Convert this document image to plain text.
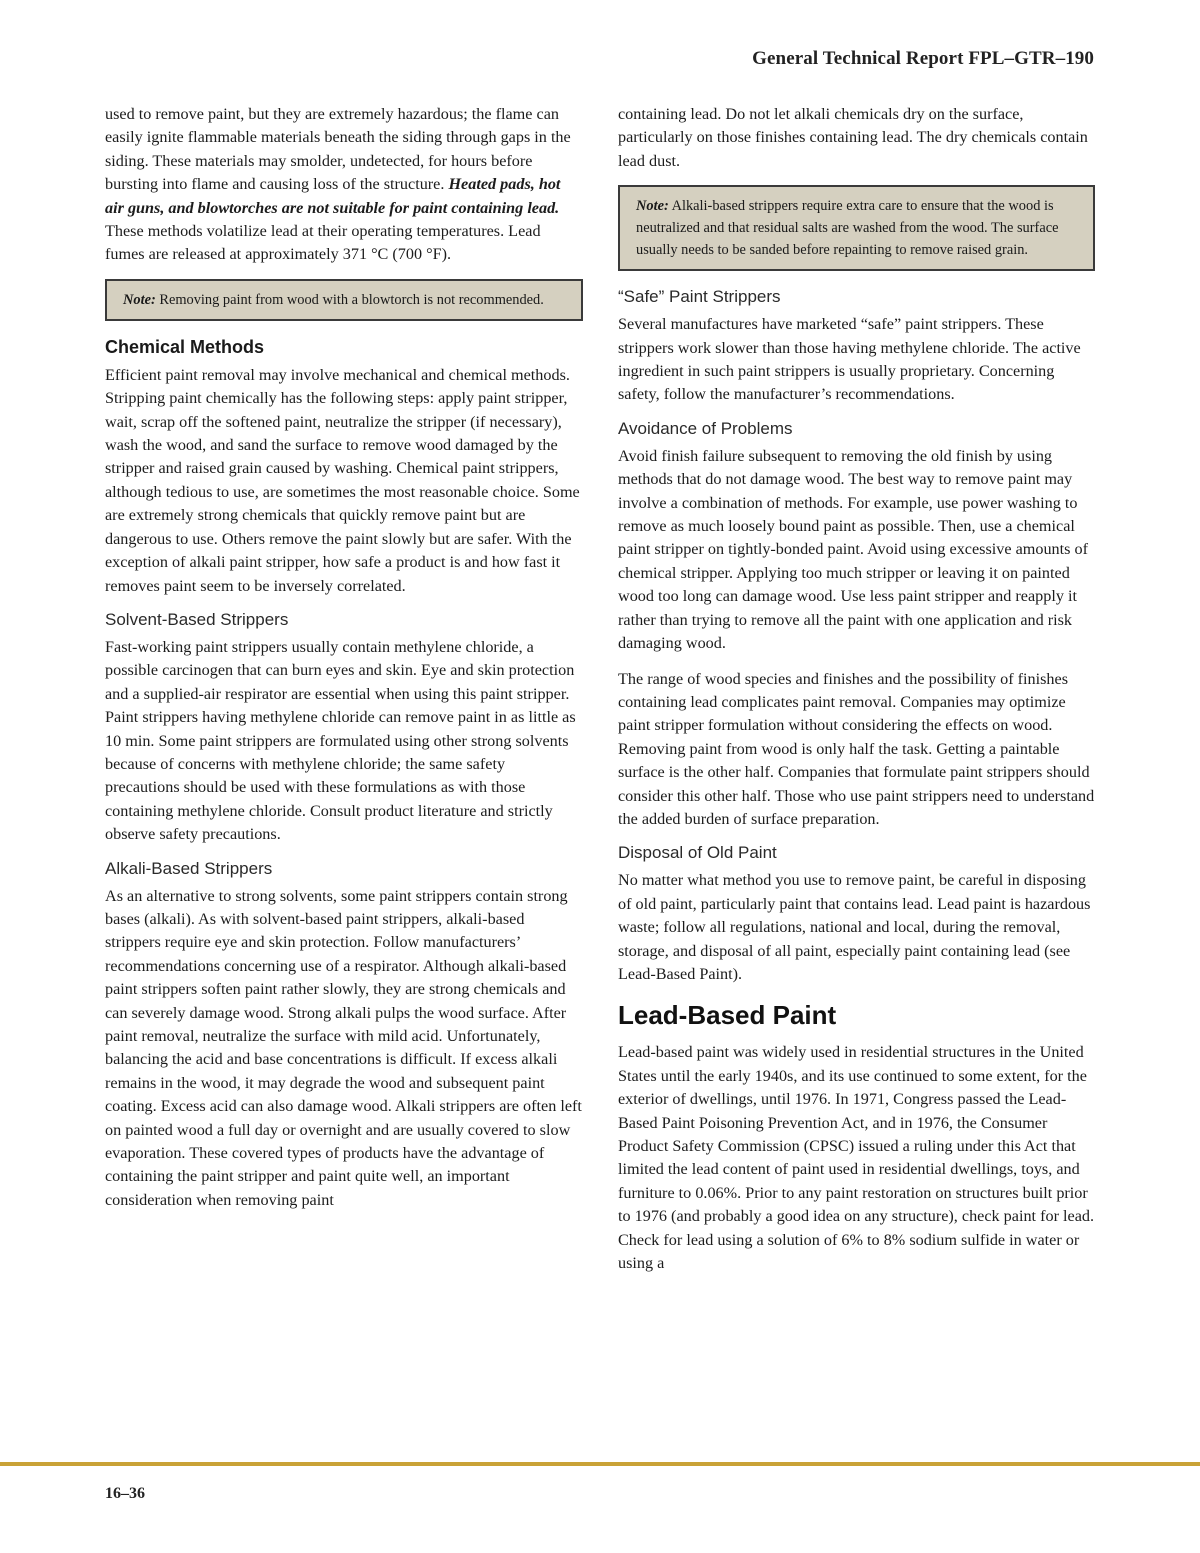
General Technical Report FPL–GTR–190

used to remove paint, but they are extremely hazardous; the flame can easily ignite flammable materials beneath the siding through gaps in the siding. These materials may smolder, undetected, for hours before bursting into flame and causing loss of the structure. Heated pads, hot air guns, and blowtorches are not suitable for paint containing lead. These methods volatilize lead at their operating temperatures. Lead fumes are released at approximately 371 °C (700 °F).

Note: Removing paint from wood with a blowtorch is not recommended.
Chemical Methods

Efficient paint removal may involve mechanical and chemical methods. Stripping paint chemically has the following steps: apply paint stripper, wait, scrap off the softened paint, neutralize the stripper (if necessary), wash the wood, and sand the surface to remove wood damaged by the stripper and raised grain caused by washing. Chemical paint strippers, although tedious to use, are sometimes the most reasonable choice. Some are extremely strong chemicals that quickly remove paint but are dangerous to use. Others remove the paint slowly but are safer. With the exception of alkali paint stripper, how safe a product is and how fast it removes paint seem to be inversely correlated.

Solvent-Based Strippers

Fast-working paint strippers usually contain methylene chloride, a possible carcinogen that can burn eyes and skin. Eye and skin protection and a supplied-air respirator are essential when using this paint stripper. Paint strippers having methylene chloride can remove paint in as little as 10 min. Some paint strippers are formulated using other strong solvents because of concerns with methylene chloride; the same safety precautions should be used with these formulations as with those containing methylene chloride. Consult product literature and strictly observe safety precautions.

Alkali-Based Strippers

As an alternative to strong solvents, some paint strippers contain strong bases (alkali). As with solvent-based paint strippers, alkali-based strippers require eye and skin protection. Follow manufacturers’ recommendations concerning use of a respirator. Although alkali-based paint strippers soften paint rather slowly, they are strong chemicals and can severely damage wood. Strong alkali pulps the wood surface. After paint removal, neutralize the surface with mild acid. Unfortunately, balancing the acid and base concentrations is difficult. If excess alkali remains in the wood, it may degrade the wood and subsequent paint coating. Excess acid can also damage wood. Alkali strippers are often left on painted wood a full day or overnight and are usually covered to slow evaporation. These covered types of products have the advantage of containing the paint stripper and paint quite well, an important consideration when removing paint

containing lead. Do not let alkali chemicals dry on the surface, particularly on those finishes containing lead. The dry chemicals contain lead dust.

Note: Alkali-based strippers require extra care to ensure that the wood is neutralized and that residual salts are washed from the wood. The surface usually needs to be sanded before repainting to remove raised grain.
“Safe” Paint Strippers

Several manufactures have marketed “safe” paint strippers. These strippers work slower than those having methylene chloride. The active ingredient in such paint strippers is usually proprietary. Concerning safety, follow the manufacturer’s recommendations.

Avoidance of Problems

Avoid finish failure subsequent to removing the old finish by using methods that do not damage wood. The best way to remove paint may involve a combination of methods. For example, use power washing to remove as much loosely bound paint as possible. Then, use a chemical paint stripper on tightly-bonded paint. Avoid using excessive amounts of chemical stripper. Applying too much stripper or leaving it on painted wood too long can damage wood. Use less paint stripper and reapply it rather than trying to remove all the paint with one application and risk damaging wood.

The range of wood species and finishes and the possibility of finishes containing lead complicates paint removal. Companies may optimize paint stripper formulation without considering the effects on wood. Removing paint from wood is only half the task. Getting a paintable surface is the other half. Companies that formulate paint strippers should consider this other half. Those who use paint strippers need to understand the added burden of surface preparation.

Disposal of Old Paint

No matter what method you use to remove paint, be careful in disposing of old paint, particularly paint that contains lead. Lead paint is hazardous waste; follow all regulations, national and local, during the removal, storage, and disposal of all paint, especially paint containing lead (see Lead-Based Paint).

Lead-Based Paint

Lead-based paint was widely used in residential structures in the United States until the early 1940s, and its use continued to some extent, for the exterior of dwellings, until 1976. In 1971, Congress passed the Lead-Based Paint Poisoning Prevention Act, and in 1976, the Consumer Product Safety Commission (CPSC) issued a ruling under this Act that limited the lead content of paint used in residential dwellings, toys, and furniture to 0.06%. Prior to any paint restoration on structures built prior to 1976 (and probably a good idea on any structure), check paint for lead. Check for lead using a solution of 6% to 8% sodium sulfide in water or using a

16–36
